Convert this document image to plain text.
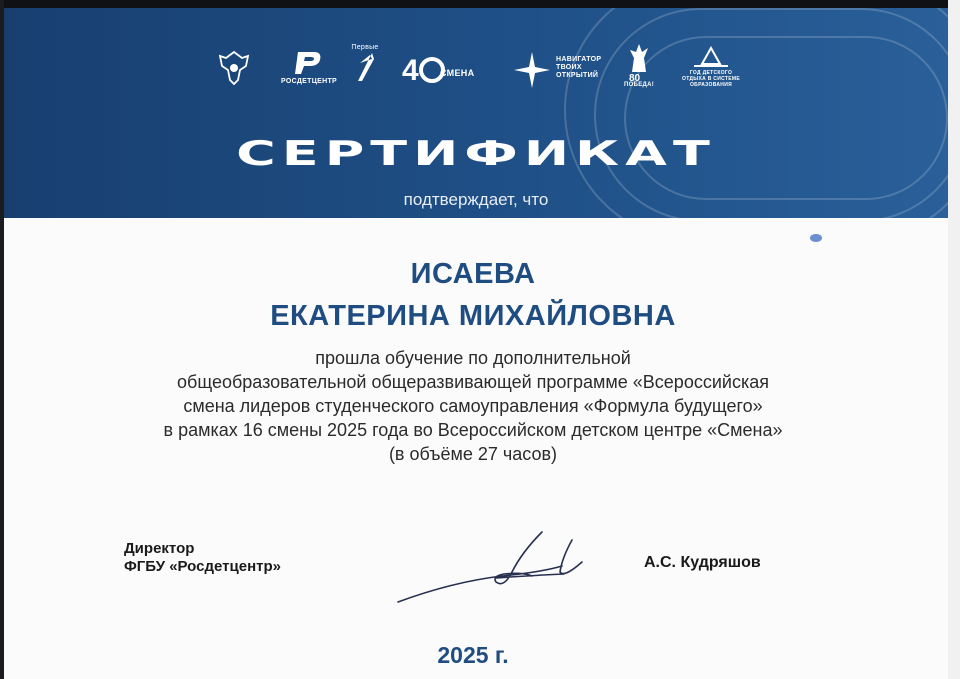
РОСДЕТЦЕНТР
Первые
4 СМЕНА
НАВИГАТОР ТВОИХ ОТКРЫТИЙ	80
ПОБЕДА!
ГОД ДЕТСКОГО ОТДЫХА В СИСТЕМЕ ОБРАЗОВАНИЯ
СЕРТИФИКАТ
подтверждает, что
ИСАЕВА
ЕКАТЕРИНА МИХАЙЛОВНА
прошла обучение по дополнительной
общеобразовательной общеразвивающей программе «Всероссийская
смена лидеров студенческого самоуправления «Формула будущего»
в рамках 16 смены 2025 года во Всероссийском детском центре «Смена»
(в объёме 27 часов)
Директор
ФГБУ «Росдетцентр»	А.С. Кудряшов
2025 г.
